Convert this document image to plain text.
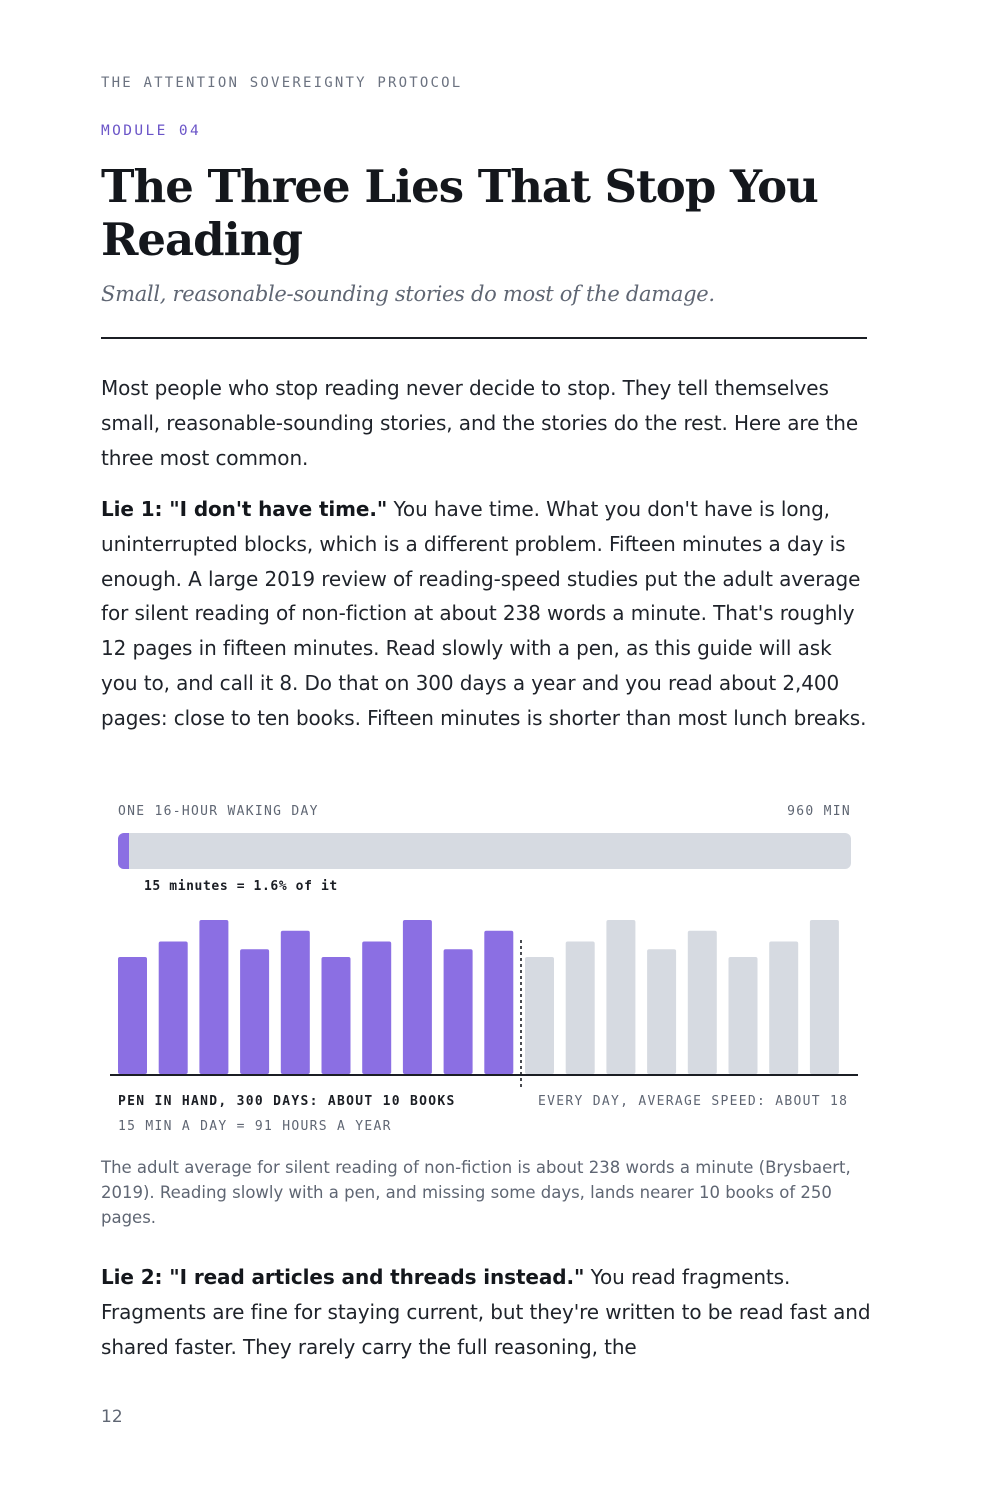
THE ATTENTION SOVEREIGNTY PROTOCOL
MODULE 04
The Three Lies That Stop You Reading

Small, reasonable-sounding stories do most of the damage.

Most people who stop reading never decide to stop. They tell themselves small, reasonable-sounding stories, and the stories do the rest. Here are the three most common.

Lie 1: "I don't have time." You have time. What you don't have is long, uninterrupted blocks, which is a different problem. Fifteen minutes a day is enough. A large 2019 review of reading-speed studies put the adult average for silent reading of non-fiction at about 238 words a minute. That's roughly 12 pages in fifteen minutes. Read slowly with a pen, as this guide will ask you to, and call it 8. Do that on 300 days a year and you read about 2,400 pages: close to ten books. Fifteen minutes is shorter than most lunch breaks.

ONE 16-HOUR WAKING DAY	960 MIN
15 minutes = 1.6% of it
PEN IN HAND, 300 DAYS: ABOUT 10 BOOKS	EVERY DAY, AVERAGE SPEED: ABOUT 18
15 MIN A DAY = 91 HOURS A YEAR

The adult average for silent reading of non-fiction is about 238 words a minute (Brysbaert, 2019). Reading slowly with a pen, and missing some days, lands nearer 10 books of 250 pages.

Lie 2: "I read articles and threads instead." You read fragments. Fragments are fine for staying current, but they're written to be read fast and shared faster. They rarely carry the full reasoning, the

12
